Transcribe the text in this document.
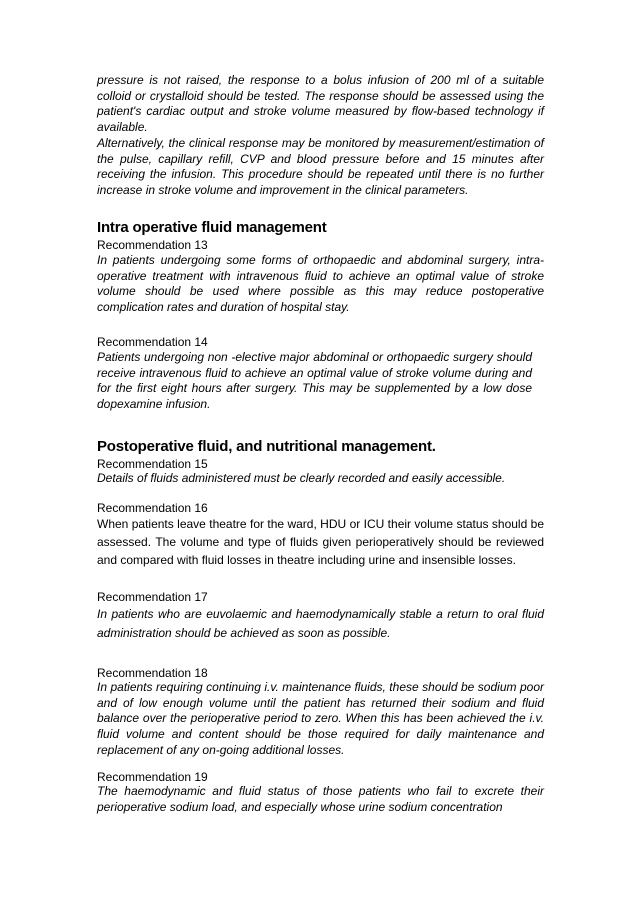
pressure is not raised, the response to a bolus infusion of 200 ml of a suitable colloid or crystalloid should be tested. The response should be assessed using the patient's cardiac output and stroke volume measured by flow-based technology if available.

Alternatively, the clinical response may be monitored by measurement/estimation of the pulse, capillary refill, CVP and blood pressure before and 15 minutes after receiving the infusion. This procedure should be repeated until there is no further increase in stroke volume and improvement in the clinical parameters.

Intra operative fluid management
Recommendation 13

In patients undergoing some forms of orthopaedic and abdominal surgery, intra-operative treatment with intravenous fluid to achieve an optimal value of stroke volume should be used where possible as this may reduce postoperative complication rates and duration of hospital stay.

Recommendation 14

Patients undergoing non -elective major abdominal or orthopaedic surgery should receive intravenous fluid to achieve an optimal value of stroke volume during and for the first eight hours after surgery. This may be supplemented by a low dose dopexamine infusion.

Postoperative fluid, and nutritional management.
Recommendation 15

Details of fluids administered must be clearly recorded and easily accessible.

Recommendation 16

When patients leave theatre for the ward, HDU or ICU their volume status should be assessed. The volume and type of fluids given perioperatively should be reviewed and compared with fluid losses in theatre including urine and insensible losses.

Recommendation 17

In patients who are euvolaemic and haemodynamically stable a return to oral fluid administration should be achieved as soon as possible.

Recommendation 18

In patients requiring continuing i.v. maintenance fluids, these should be sodium poor and of low enough volume until the patient has returned their sodium and fluid balance over the perioperative period to zero. When this has been achieved the i.v. fluid volume and content should be those required for daily maintenance and replacement of any on-going additional losses.

Recommendation 19

The haemodynamic and fluid status of those patients who fail to excrete their perioperative sodium load, and especially whose urine sodium concentration
